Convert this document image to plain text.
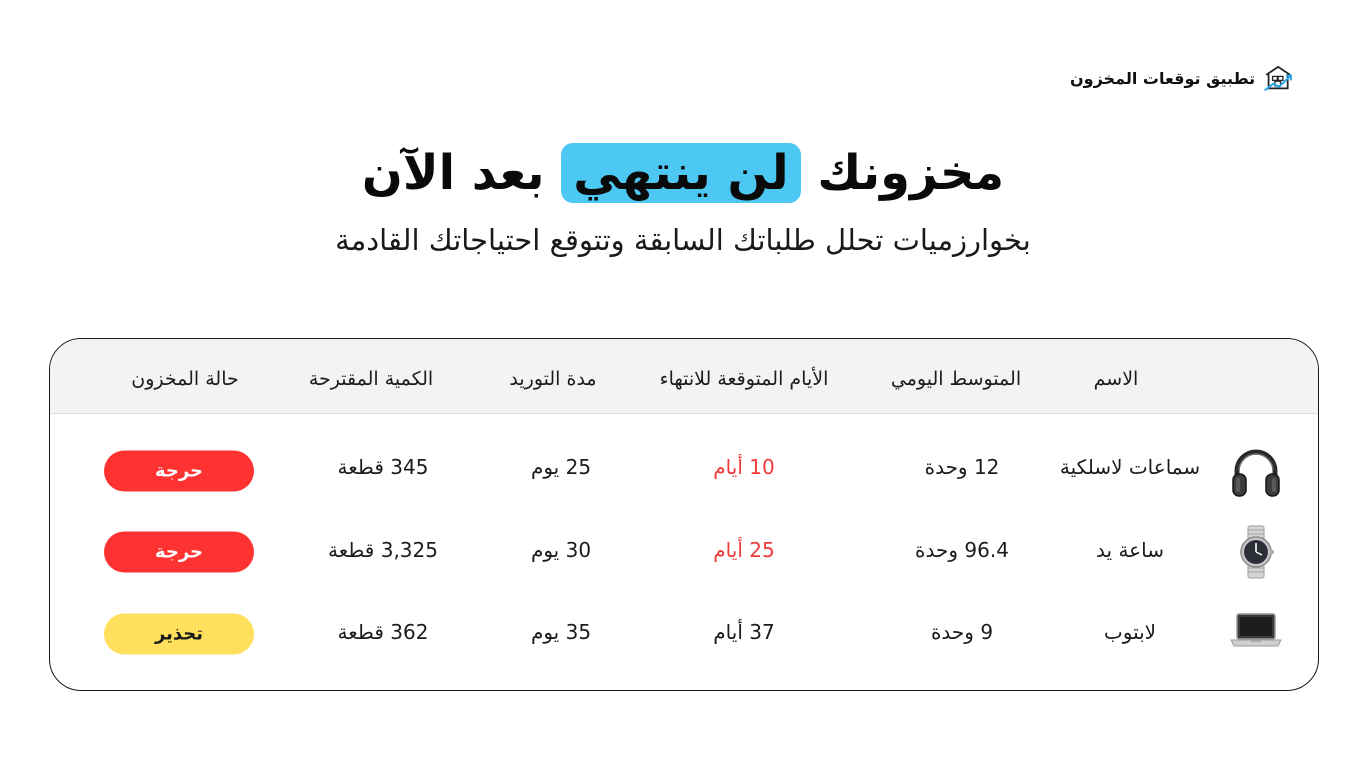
تطبيق توقعات المخزون
مخزونك لن ينتهي بعد الآن

بخوارزميات تحلل طلباتك السابقة وتتوقع احتياجاتك القادمة

الاسم
المتوسط اليومي
الأيام المتوقعة للانتهاء
مدة التوريد
الكمية المقترحة
حالة المخزون
سماعات لاسلكية
12 وحدة
10 أيام
25 يوم
345 قطعة
حرجة
ساعة يد
96.4 وحدة
25 أيام
30 يوم
3,325 قطعة
حرجة
لابتوب
9 وحدة
37 أيام
35 يوم
362 قطعة
تحذير
